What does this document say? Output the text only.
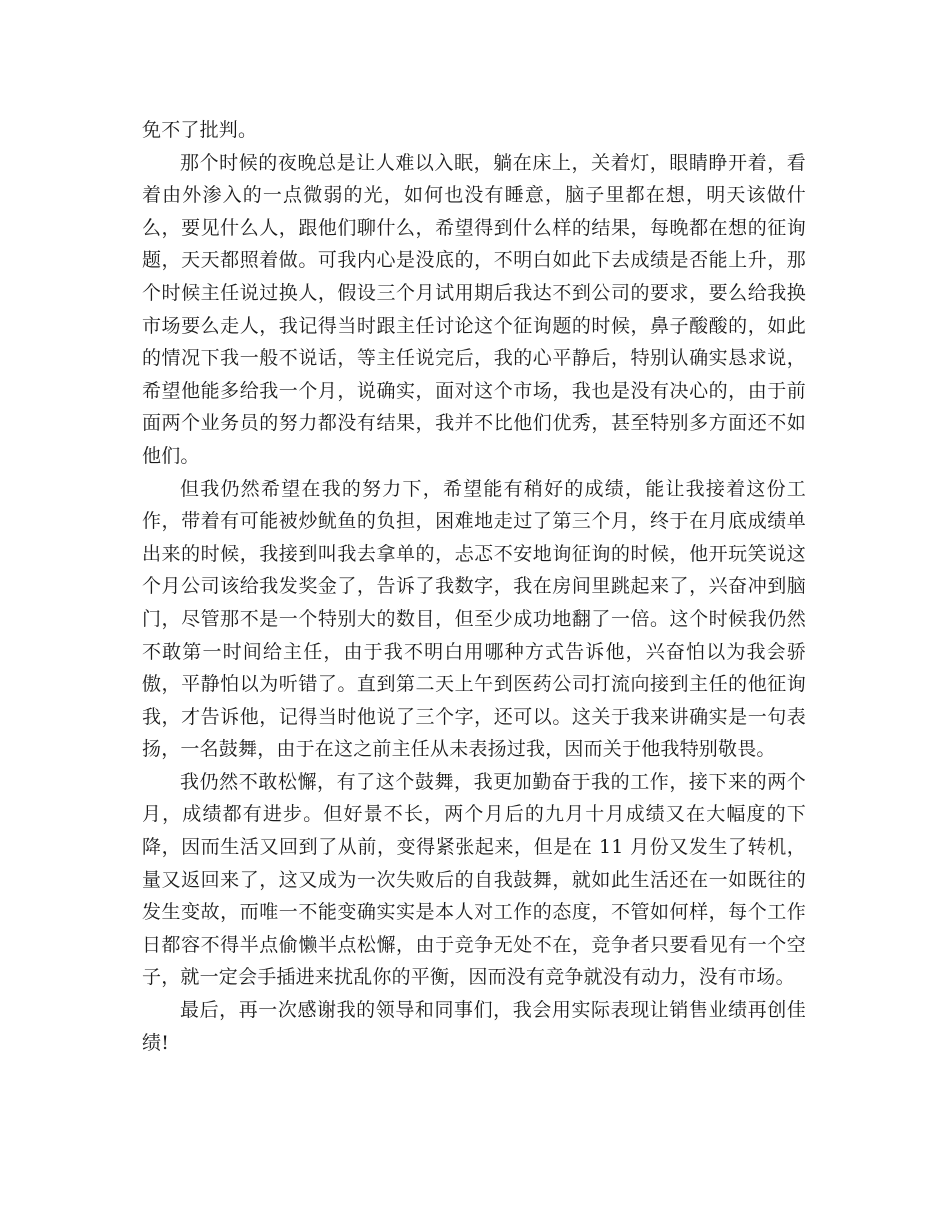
免不了批判。

那个时候的夜晚总是让人难以入眠，躺在床上，关着灯，眼睛睁开着，看着由外渗入的一点微弱的光，如何也没有睡意，脑子里都在想，明天该做什么，要见什么人，跟他们聊什么，希望得到什么样的结果，每晚都在想的征询题，天天都照着做。可我内心是没底的，不明白如此下去成绩是否能上升，那个时候主任说过换人，假设三个月试用期后我达不到公司的要求，要么给我换市场要么走人，我记得当时跟主任讨论这个征询题的时候，鼻子酸酸的，如此的情况下我一般不说话，等主任说完后，我的心平静后，特别认确实恳求说，希望他能多给我一个月，说确实，面对这个市场，我也是没有决心的，由于前面两个业务员的努力都没有结果，我并不比他们优秀，甚至特别多方面还不如他们。

但我仍然希望在我的努力下，希望能有稍好的成绩，能让我接着这份工作，带着有可能被炒鱿鱼的负担，困难地走过了第三个月，终于在月底成绩单出来的时候，我接到叫我去拿单的，忐忑不安地询征询的时候，他开玩笑说这个月公司该给我发奖金了，告诉了我数字，我在房间里跳起来了，兴奋冲到脑门，尽管那不是一个特别大的数目，但至少成功地翻了一倍。这个时候我仍然不敢第一时间给主任，由于我不明白用哪种方式告诉他，兴奋怕以为我会骄傲，平静怕以为听错了。直到第二天上午到医药公司打流向接到主任的他征询我，才告诉他，记得当时他说了三个字，还可以。这关于我来讲确实是一句表扬，一名鼓舞，由于在这之前主任从未表扬过我，因而关于他我特别敬畏。

我仍然不敢松懈，有了这个鼓舞，我更加勤奋于我的工作，接下来的两个月，成绩都有进步。但好景不长，两个月后的九月十月成绩又在大幅度的下降，因而生活又回到了从前，变得紧张起来，但是在 11 月份又发生了转机，量又返回来了，这又成为一次失败后的自我鼓舞，就如此生活还在一如既往的发生变故，而唯一不能变确实实是本人对工作的态度，不管如何样，每个工作日都容不得半点偷懒半点松懈，由于竞争无处不在，竞争者只要看见有一个空子，就一定会手插进来扰乱你的平衡，因而没有竞争就没有动力，没有市场。

最后，再一次感谢我的领导和同事们，我会用实际表现让销售业绩再创佳绩!
